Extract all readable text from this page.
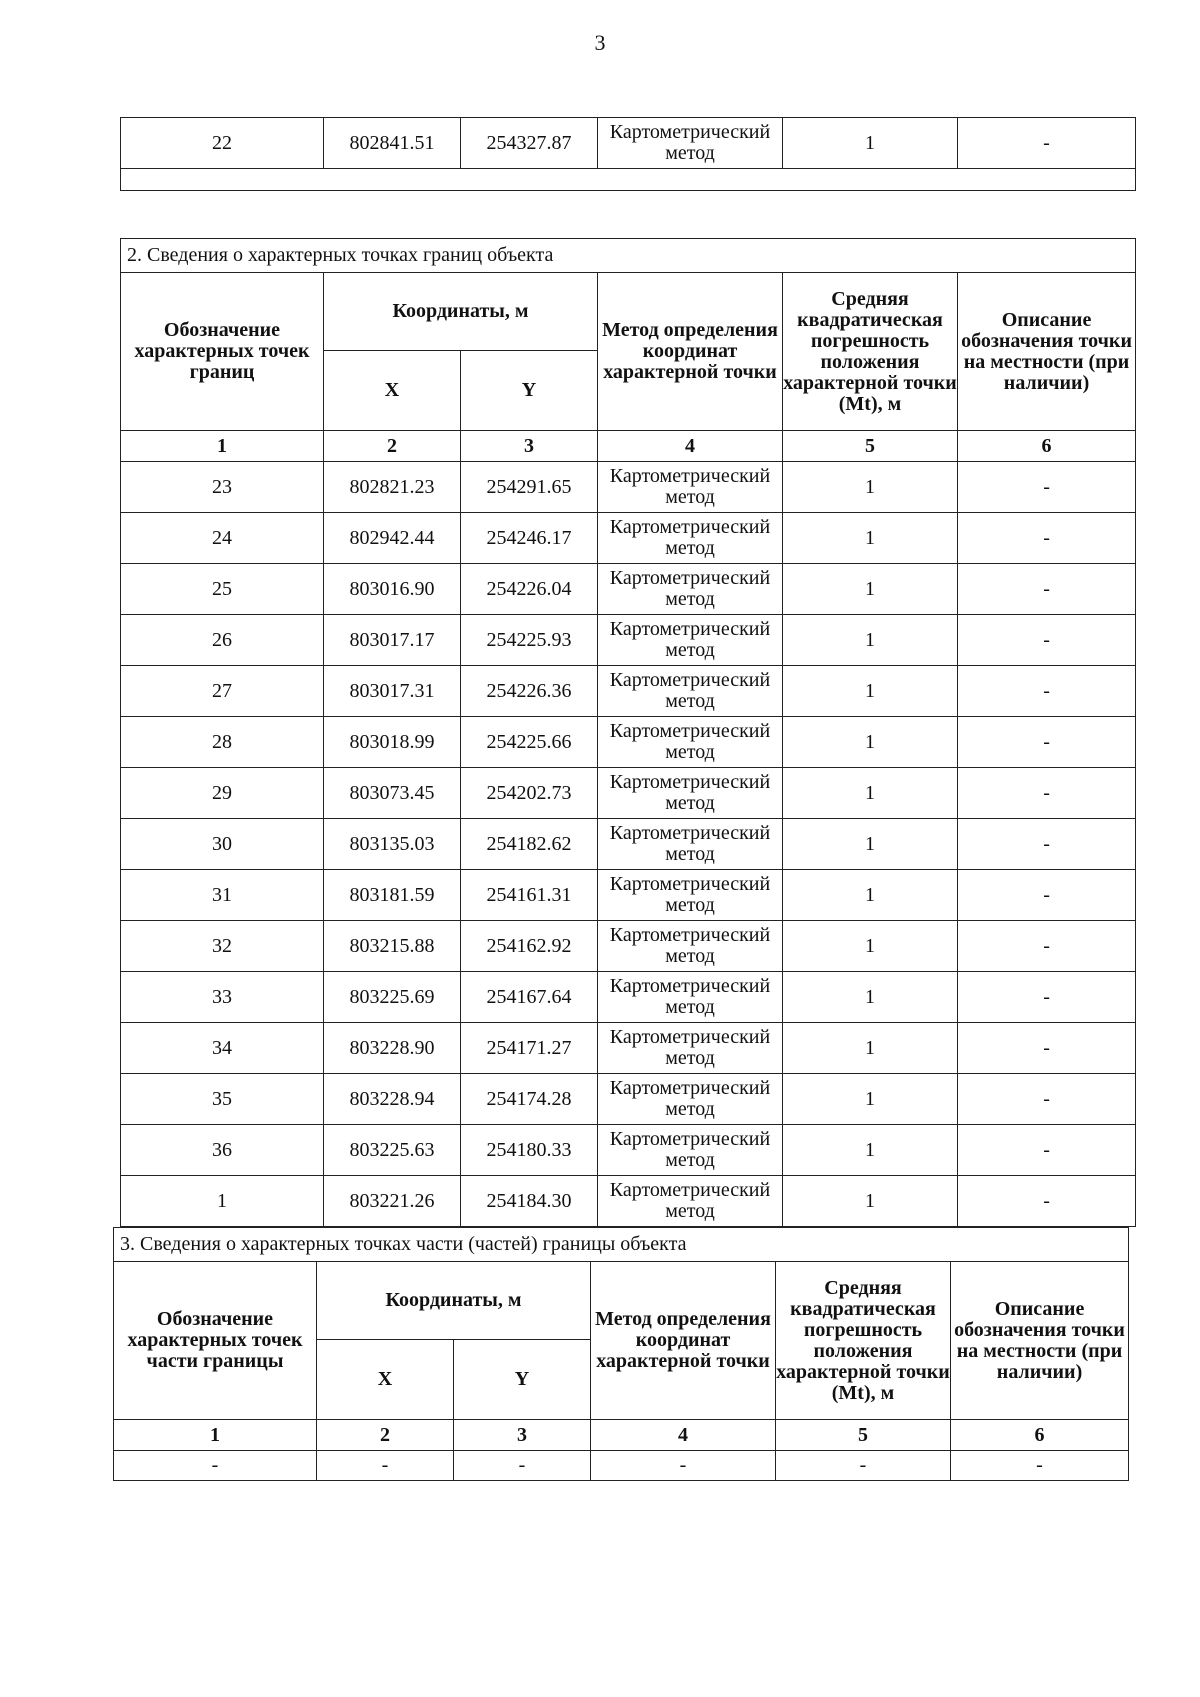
3
22	802841.51	254327.87	Картометрический метод	1	-

2. Сведения о характерных точках границ объекта					
Обозначение характерных точек границ	Координаты, м		Метод определения координат характерной точки	Средняя квадратическая погрешность положения характерной точки (Mt), м	Описание обозначения точки на местности (при наличии)
	X	Y			
1	2	3	4	5	6
23	802821.23	254291.65	Картометрический метод	1	-
24	802942.44	254246.17	Картометрический метод	1	-
25	803016.90	254226.04	Картометрический метод	1	-
26	803017.17	254225.93	Картометрический метод	1	-
27	803017.31	254226.36	Картометрический метод	1	-
28	803018.99	254225.66	Картометрический метод	1	-
29	803073.45	254202.73	Картометрический метод	1	-
30	803135.03	254182.62	Картометрический метод	1	-
31	803181.59	254161.31	Картометрический метод	1	-
32	803215.88	254162.92	Картометрический метод	1	-
33	803225.69	254167.64	Картометрический метод	1	-
34	803228.90	254171.27	Картометрический метод	1	-
35	803228.94	254174.28	Картометрический метод	1	-
36	803225.63	254180.33	Картометрический метод	1	-
1	803221.26	254184.30	Картометрический метод	1	-
3. Сведения о характерных точках части (частей) границы объекта					
Обозначение характерных точек части границы	Координаты, м		Метод определения координат характерной точки	Средняя квадратическая погрешность положения характерной точки (Mt), м	Описание обозначения точки на местности (при наличии)
	X	Y			
1	2	3	4	5	6
-	-	-	-	-	-
